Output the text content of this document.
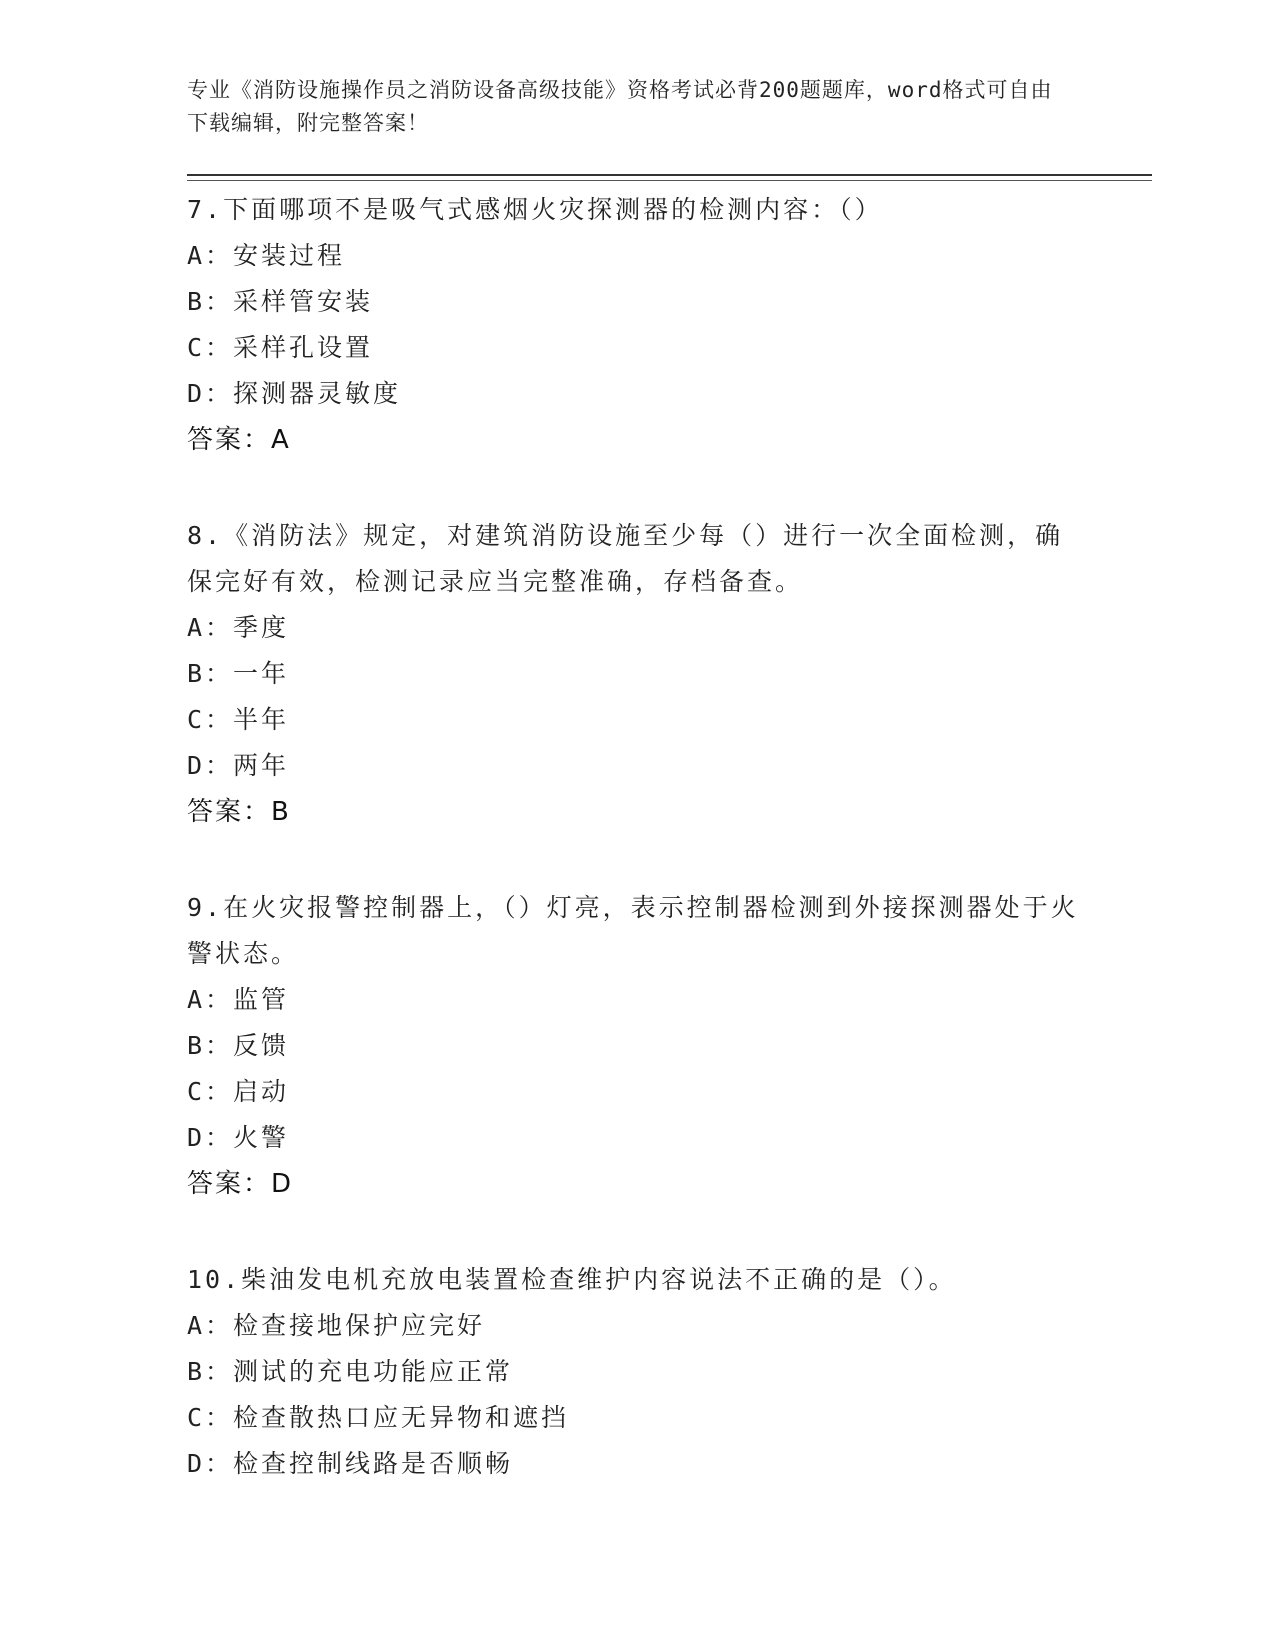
专业《消防设施操作员之消防设备高级技能》资格考试必背200题题库，word格式可自由下载编辑，附完整答案！

7.下面哪项不是吸气式感烟火灾探测器的检测内容：（）

A：安装过程

B：采样管安装

C：采样孔设置

D：探测器灵敏度

答案：A

8.《消防法》规定，对建筑消防设施至少每（）进行一次全面检测，确保完好有效，检测记录应当完整准确，存档备查。

A：季度

B：一年

C：半年

D：两年

答案：B

9.在火灾报警控制器上，（）灯亮，表示控制器检测到外接探测器处于火警状态。

A：监管

B：反馈

C：启动

D：火警

答案：D

10.柴油发电机充放电装置检查维护内容说法不正确的是（）。

A：检查接地保护应完好

B：测试的充电功能应正常

C：检查散热口应无异物和遮挡

D：检查控制线路是否顺畅
